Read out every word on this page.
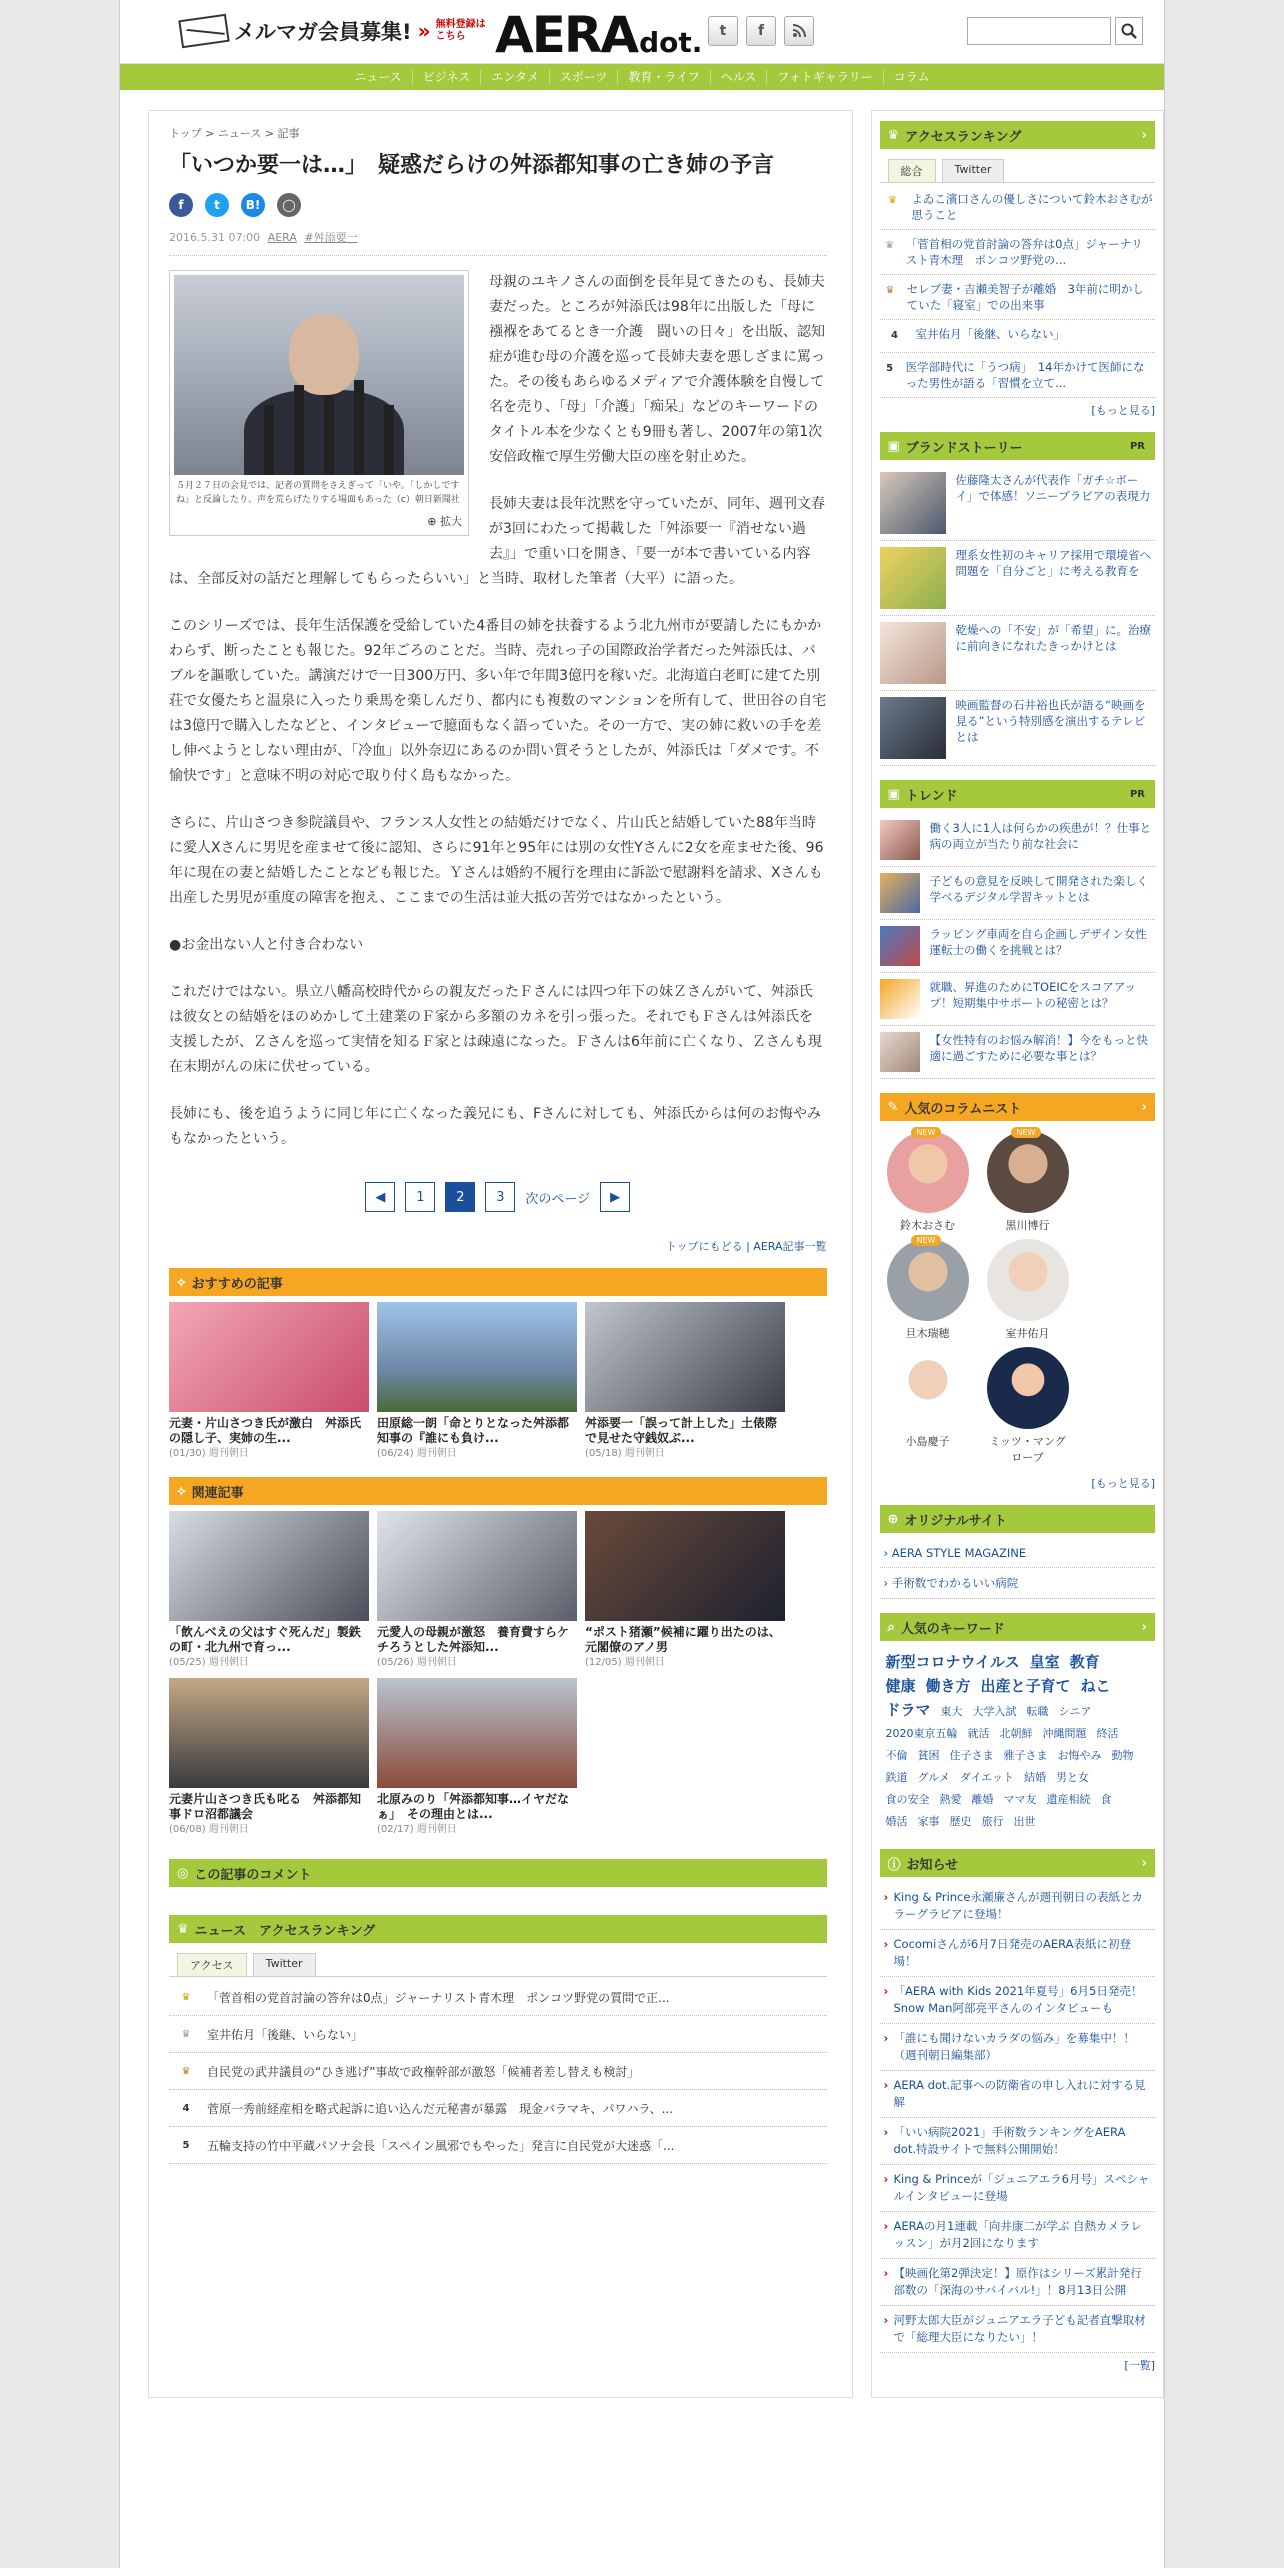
メルマガ会員募集! » 無料登録は
こちら AERA dot.	t	f
ニュース	ビジネス	エンタメ	スポーツ	教育・ライフ	ヘルス	フォトギャラリー	コラム
トップ > ニュース > 記事
「いつか要一は…」　疑惑だらけの舛添都知事の亡き姉の予言
f	t	B!	◯
2016.5.31 07:00 AERA #舛添要一
５月２７日の会見では、記者の質問をさえぎって「いや。「しかしですね」と反論したり、声を荒らげたりする場面もあった（c）朝日新聞社
⊕ 拡大

母親のユキノさんの面倒を長年見てきたのも、長姉夫妻だった。ところが舛添氏は98年に出版した「母に襁褓をあてるとき一介護　闘いの日々」を出版、認知症が進む母の介護を巡って長姉夫妻を悪しざまに罵った。その後もあらゆるメディアで介護体験を自慢して名を売り、「母」「介護」「痴呆」などのキーワードのタイトル本を少なくとも9冊も著し、2007年の第1次安倍政権で厚生労働大臣の座を射止めた。

長姉夫妻は長年沈黙を守っていたが、同年、週刊文春が3回にわたって掲載した「舛添要一『消せない過去』」で重い口を開き、「要一が本で書いている内容は、全部反対の話だと理解してもらったらいい」と当時、取材した筆者（大平）に語った。

このシリーズでは、長年生活保護を受給していた4番目の姉を扶養するよう北九州市が要請したにもかかわらず、断ったことも報じた。92年ごろのことだ。当時、売れっ子の国際政治学者だった舛添氏は、バブルを謳歌していた。講演だけで一日300万円、多い年で年間3億円を稼いだ。北海道白老町に建てた別荘で女優たちと温泉に入ったり乗馬を楽しんだり、都内にも複数のマンションを所有して、世田谷の自宅は3億円で購入したなどと、インタビューで臆面もなく語っていた。その一方で、実の姉に救いの手を差し伸べようとしない理由が、「冷血」以外奈辺にあるのか問い質そうとしたが、舛添氏は「ダメです。不愉快です」と意味不明の対応で取り付く島もなかった。

さらに、片山さつき参院議員や、フランス人女性との結婚だけでなく、片山氏と結婚していた88年当時に愛人Xさんに男児を産ませて後に認知、さらに91年と95年には別の女性Yさんに2女を産ませた後、96年に現在の妻と結婚したことなども報じた。Ｙさんは婚約不履行を理由に訴訟で慰謝料を請求、Xさんも出産した男児が重度の障害を抱え、ここまでの生活は並大抵の苦労ではなかったという。

●お金出ない人と付き合わない

これだけではない。県立八幡高校時代からの親友だったＦさんには四つ年下の妹Ｚさんがいて、舛添氏は彼女との結婚をほのめかして土建業のＦ家から多額のカネを引っ張った。それでもＦさんは舛添氏を支援したが、Ｚさんを巡って実情を知るＦ家とは疎遠になった。Ｆさんは6年前に亡くなり、Ｚさんも現在末期がんの床に伏せっている。

長姉にも、後を追うように同じ年に亡くなった義兄にも、Fさんに対しても、舛添氏からは何のお悔やみもなかったという。

◀	1	2	3	次のページ	▶
トップにもどる | AERA記事一覧
⟡ おすすめの記事
元妻・片山さつき氏が激白　舛添氏の隠し子、実姉の生...
(01/30) 週刊朝日
田原総一朗「命とりとなった舛添都知事の『誰にも負け...
(06/24) 週刊朝日
舛添要一「誤って計上した」土俵際で見せた守銭奴ぶ...
(05/18) 週刊朝日
⟡ 関連記事
「飲んべえの父はすぐ死んだ」製鉄の町・北九州で育っ...
(05/25) 週刊朝日
元愛人の母親が激怒　養育費すらケチろうとした舛添知...
(05/26) 週刊朝日
“ポスト猪瀬”候補に躍り出たのは、元閣僚のアノ男
(12/05) 週刊朝日
元妻片山さつき氏も叱る　舛添都知事ドロ沼都議会
(06/08) 週刊朝日
北原みのり「舛添都知事…イヤだなぁ」　その理由とは...
(02/17) 週刊朝日
◎ この記事のコメント
♛ ニュース　アクセスランキング
アクセス	Twitter
♛	「菅首相の党首討論の答弁は0点」ジャーナリスト青木理　ポンコツ野党の質問で正...
♛	室井佑月「後継、いらない」
♛	自民党の武井議員の“ひき逃げ”事故で政権幹部が激怒「候補者差し替えも検討」
4	菅原一秀前経産相を略式起訴に追い込んだ元秘書が暴露　現金バラマキ、パワハラ、...
5	五輪支持の竹中平蔵パソナ会長「スペイン風邪でもやった」発言に自民党が大迷惑「...
♛ アクセスランキング	›
総合	Twitter
♛	よゐこ濱口さんの優しさについて鈴木おさむが思うこと
♛	「菅首相の党首討論の答弁は0点」ジャーナリスト青木理　ポンコツ野党の...
♛	セレブ妻・吉瀬美智子が離婚　3年前に明かしていた「寝室」での出来事
4	室井佑月「後継、いらない」
5	医学部時代に「うつ病」　14年かけて医師になった男性が語る「習慣を立て...
[もっと見る]
▣ ブランドストーリー	PR
佐藤隆太さんが代表作「ガチ☆ボーイ」で体感！ソニーブラビアの表現力
理系女性初のキャリア採用で環境省へ　問題を「自分ごと」に考える教育を
乾燥への「不安」が「希望」に。治療に前向きになれたきっかけとは
映画監督の石井裕也氏が語る“映画を見る”という特別感を演出するテレビとは
▣ トレンド	PR
働く3人に1人は何らかの疾患が！？仕事と病の両立が当たり前な社会に
子どもの意見を反映して開発された楽しく学べるデジタル学習キットとは
ラッピング車両を自ら企画しデザイン女性運転士の働くを挑戦とは？
就職、昇進のためにTOEICをスコアアップ！短期集中サポートの秘密とは？
【女性特有のお悩み解消！】今をもっと快適に過ごすために必要な事とは？
✎ 人気のコラムニスト	›
NEW
鈴木おさむ
NEW
黒川博行
NEW
旦木瑞穂	室井佑月
小島慶子	ミッツ・マングローブ
[もっと見る]
⊕ オリジナルサイト
› AERA STYLE MAGAZINE
› 手術数でわかるいい病院
⌕ 人気のキーワード	›
新型コロナウイルス 皇室 教育健康 働き方 出産と子育て ねこドラマ 東大 大学入試 転職 シニア2020東京五輪 就活 北朝鮮 沖縄問題 終活不倫 貧困 住子さま 雅子さま お悔やみ 動物鉄道 グルメ ダイエット 結婚 男と女食の安全 熱愛 離婚 ママ友 遺産相続 食婚活 家事 歴史 旅行 出世
ⓘ お知らせ	›
› King & Prince永瀬廉さんが週刊朝日の表紙とカラーグラビアに登場！
› Cocomiさんが6月7日発売のAERA表紙に初登場！
› 「AERA with Kids 2021年夏号」6月5日発売！Snow Man阿部亮平さんのインタビューも
› 「誰にも聞けないカラダの悩み」を募集中！！（週刊朝日編集部）
› AERA dot.記事への防衛省の申し入れに対する見解
› 「いい病院2021」手術数ランキングをAERA dot.特設サイトで無料公開開始！
› King & Princeが「ジュニアエラ6月号」スペシャルインタビューに登場
› AERAの月1連載「向井康二が学ぶ 自熱カメラレッスン」が月2回になります
› 【映画化第2弾決定！】原作はシリーズ累計発行部数の「深海のサバイバル!」！8月13日公開
› 河野太郎大臣がジュニアエラ子ども記者直撃取材で「総理大臣になりたい」！
[一覧]
